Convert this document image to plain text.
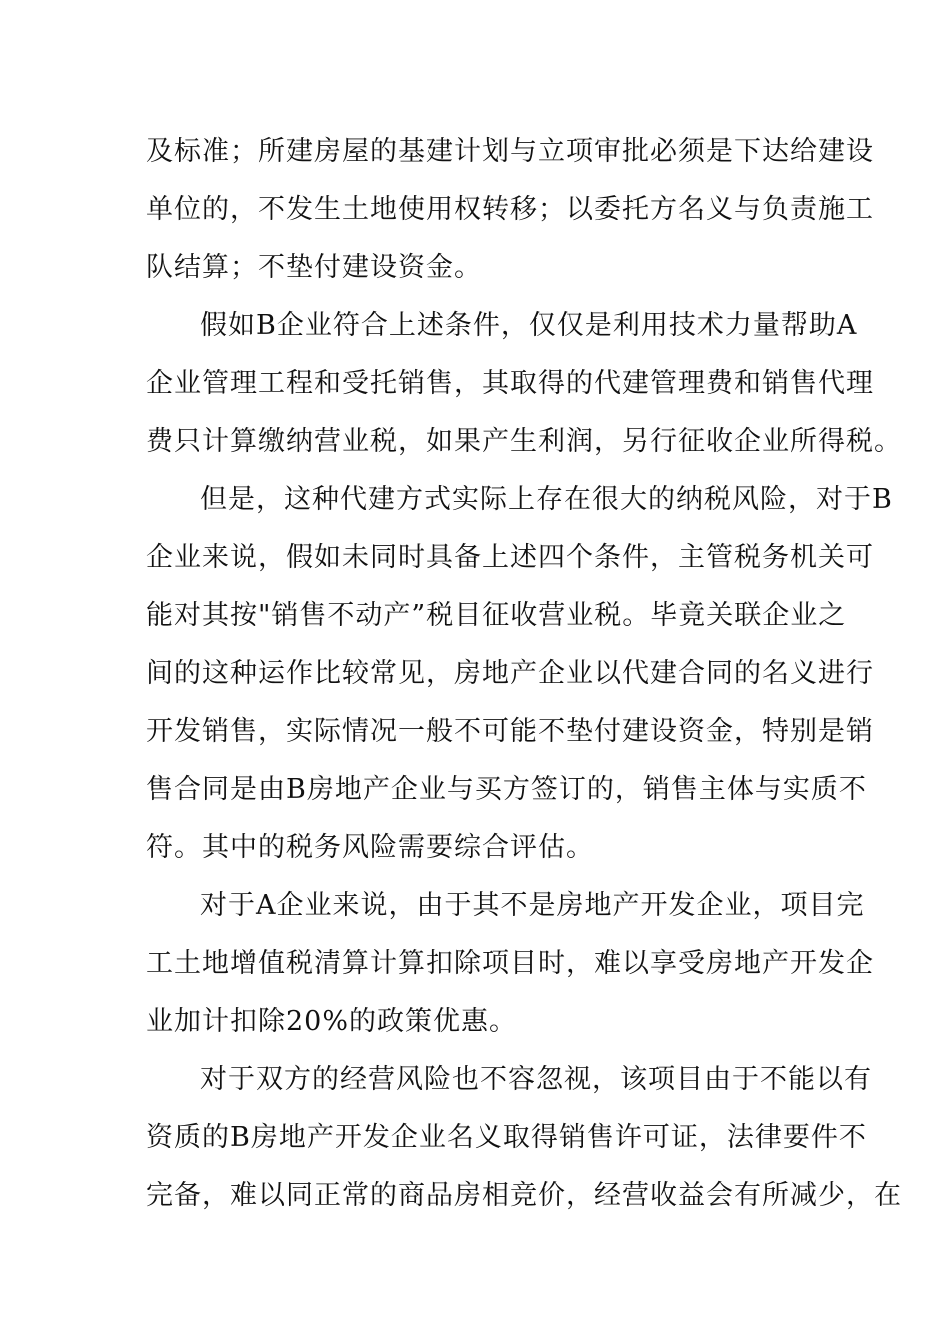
及标准；所建房屋的基建计划与立项审批必须是下达给建设
单位的，不发生土地使用权转移；以委托方名义与负责施工
队结算；不垫付建设资金。

假如B企业符合上述条件，仅仅是利用技术力量帮助A
企业管理工程和受托销售，其取得的代建管理费和销售代理
费只计算缴纳营业税，如果产生利润，另行征收企业所得税。

但是，这种代建方式实际上存在很大的纳税风险，对于B
企业来说，假如未同时具备上述四个条件，主管税务机关可
能对其按"销售不动产”税目征收营业税。毕竟关联企业之
间的这种运作比较常见，房地产企业以代建合同的名义进行
开发销售，实际情况一般不可能不垫付建设资金，特别是销
售合同是由B房地产企业与买方签订的，销售主体与实质不
符。其中的税务风险需要综合评估。

对于A企业来说，由于其不是房地产开发企业，项目完
工土地增值税清算计算扣除项目时，难以享受房地产开发企
业加计扣除20%的政策优惠。

对于双方的经营风险也不容忽视，该项目由于不能以有
资质的B房地产开发企业名义取得销售许可证，法律要件不
完备，难以同正常的商品房相竞价，经营收益会有所减少，在
